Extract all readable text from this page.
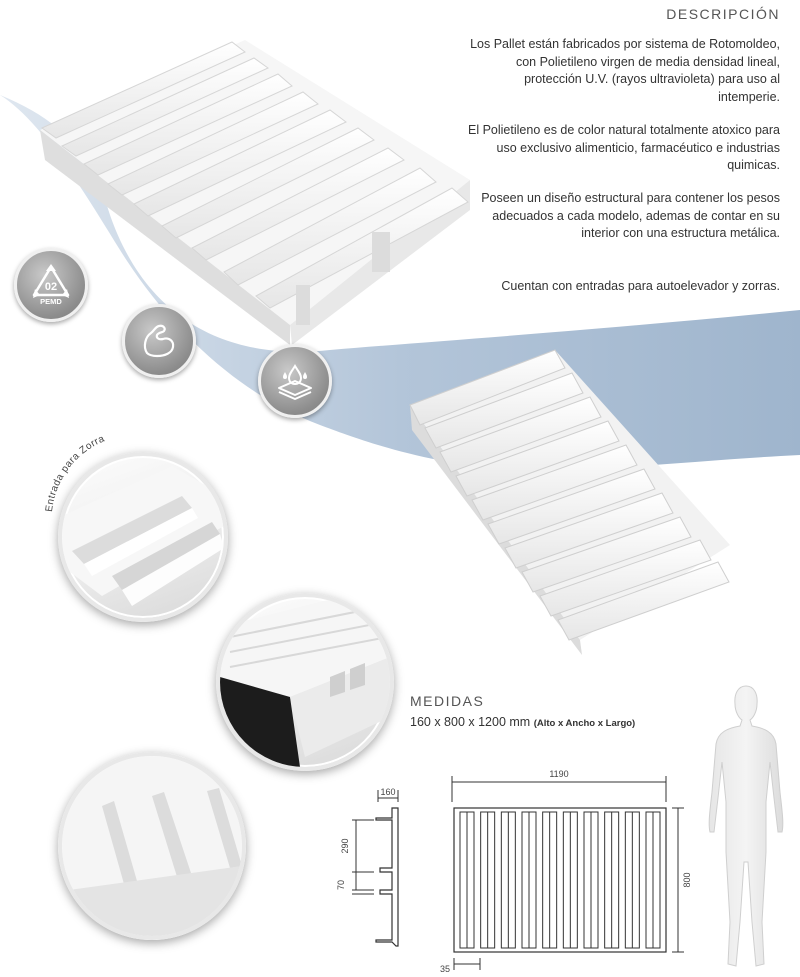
DESCRIPCIÓN
Los Pallet están fabricados por sistema de Rotomoldeo, con Polietileno virgen de media densidad lineal, protección U.V. (rayos ultravioleta) para uso al intemperie.
El Polietileno es de color natural totalmente atoxico para uso exclusivo alimenticio, farmacéutico e industrias quimicas.
Poseen un diseño estructural para contener los pesos adecuados a cada modelo, ademas de contar en su interior con una estructura metálica.
Cuentan con entradas para autoelevador y zorras.
02
PEMD
Entrada para Zorra
MEDIDAS
160 x 800 x 1200 mm (Alto x Ancho x Largo)
160
290
70
1190
800
35
